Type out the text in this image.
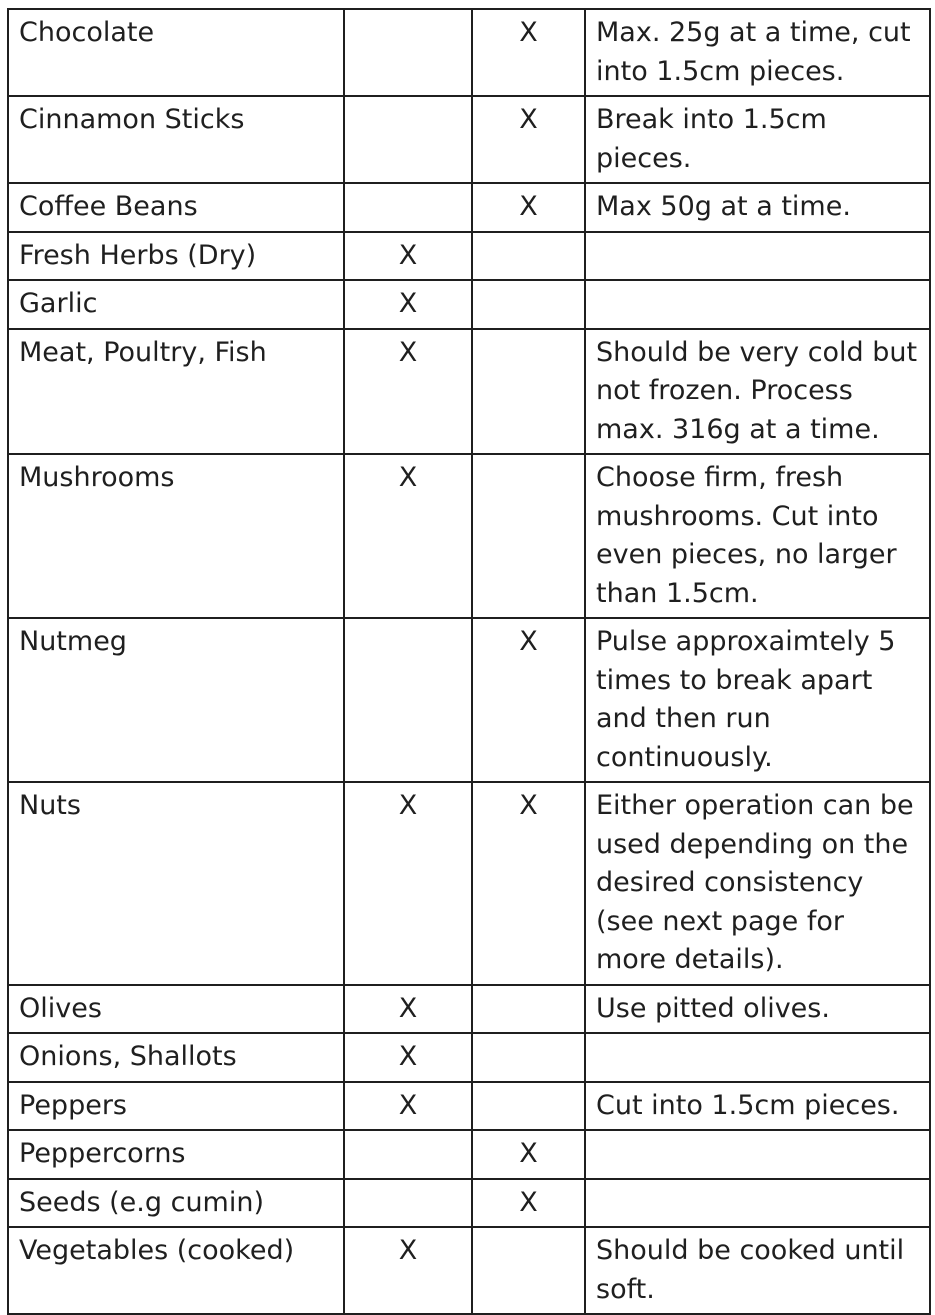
Chocolate		X	Max. 25g at a time, cut into 1.5cm pieces.
Cinnamon Sticks		X	Break into 1.5cm pieces.
Coffee Beans		X	Max 50g at a time.
Fresh Herbs (Dry)	X		
Garlic	X		
Meat, Poultry, Fish	X		Should be very cold but not frozen. Process max. 316g at a time.
Mushrooms	X		Choose firm, fresh mushrooms. Cut into even pieces, no larger than 1.5cm.
Nutmeg		X	Pulse approxaimtely 5 times to break apart and then run continuously.
Nuts	X	X	Either operation can be used depending on the desired consistency (see next page for more details).
Olives	X		Use pitted olives.
Onions, Shallots	X		
Peppers	X		Cut into 1.5cm pieces.
Peppercorns		X	
Seeds (e.g cumin)		X	
Vegetables (cooked)	X		Should be cooked until soft.
